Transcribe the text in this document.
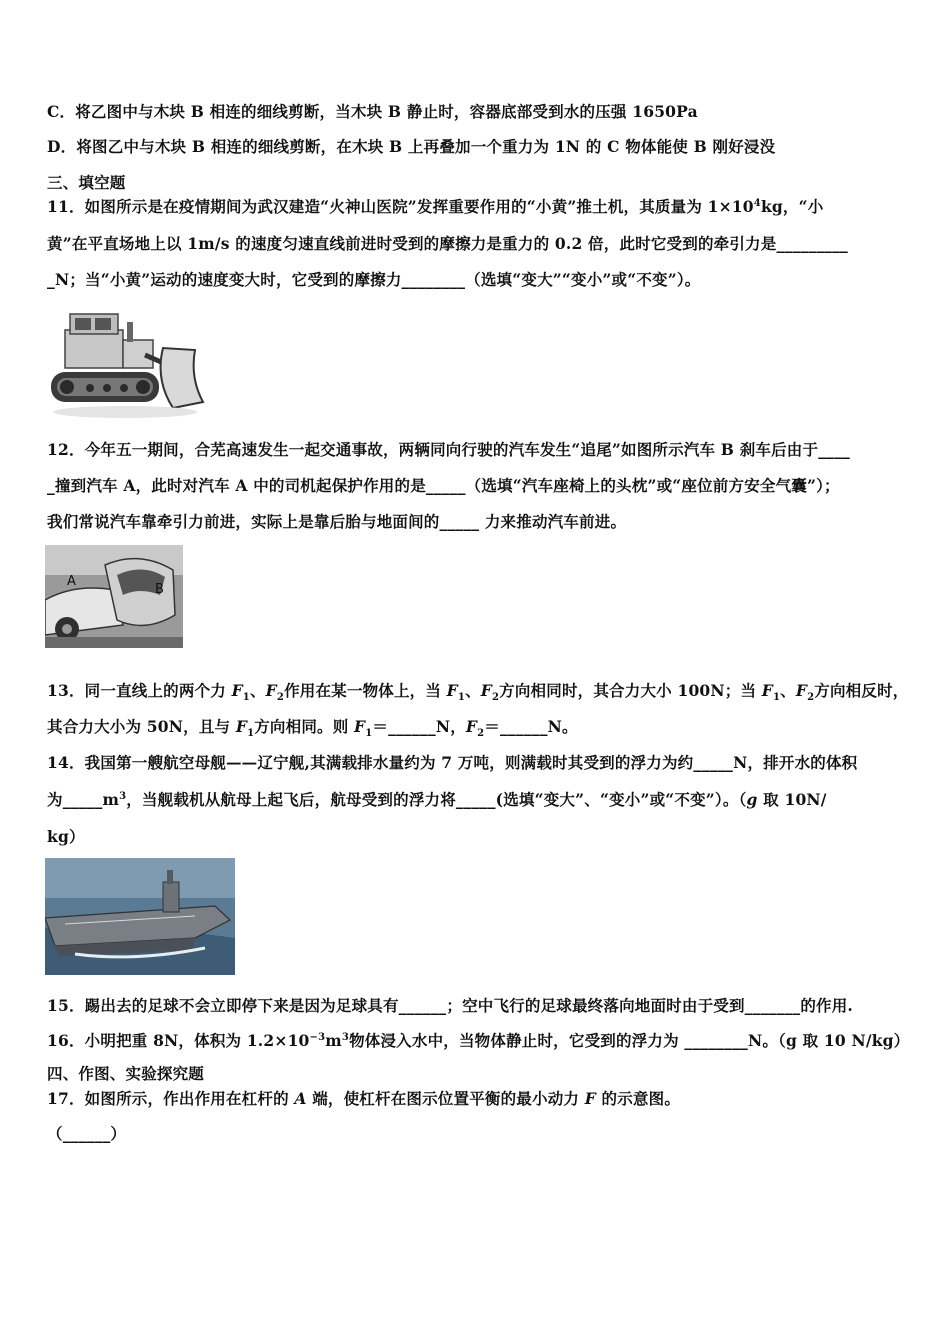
C．将乙图中与木块 B 相连的细线剪断，当木块 B 静止时，容器底部受到水的压强 1650Pa
D．将图乙中与木块 B 相连的细线剪断，在木块 B 上再叠加一个重力为 1N 的 C 物体能使 B 刚好浸没
三、填空题
11．如图所示是在疫情期间为武汉建造“火神山医院”发挥重要作用的“小黄”推土机，其质量为 $1\times 10^4kg$，“小
黄”在平直场地上以 1m/s 的速度匀速直线前进时受到的摩擦力是重力的 0.2 倍，此时它受到的牵引力是_________
_N；当“小黄”运动的速度变大时，它受到的摩擦力________（选填“变大”“变小”或“不变”）。
12．今年五一期间，合芜高速发生一起交通事故，两辆同向行驶的汽车发生“追尾”如图所示汽车 B 刹车后由于____
_撞到汽车 A，此时对汽车 A 中的司机起保护作用的是_____（选填“汽车座椅上的头枕”或“座位前方安全气囊”）；
我们常说汽车靠牵引力前进，实际上是靠后胎与地面间的_____ 力来推动汽车前进。
A
B
13．同一直线上的两个力 $F_1$、$F_2$作用在某一物体上，当 $F_1$、$F_2$方向相同时，其合力大小 100N；当 $F_1$、$F_2$方向相反时，
其合力大小为 50N，且与 $F_1$方向相同。则 $F_1=\_\_\_\_\_\_N$，$F_2=\_\_\_\_\_\_N$。
14．我国第一艘航空母舰——辽宁舰,其满载排水量约为 7 万吨，则满载时其受到的浮力为约_____N，排开水的体积
为$\_\_\_\_\_m^3$，当舰载机从航母上起飞后，航母受到的浮力将_____(选填“变大”、“变小”或“不变”）。（g 取 10N/
kg）
15．踢出去的足球不会立即停下来是因为足球具有______；空中飞行的足球最终落向地面时由于受到_______的作用.
16．小明把重 8N，体积为 $1.2\times 10^{-3}m^3$物体浸入水中，当物体静止时，它受到的浮力为 ________N。（g 取 10 N/kg）
四、作图、实验探究题
17．如图所示，作出作用在杠杆的 A 端，使杠杆在图示位置平衡的最小动力 F 的示意图。
（______）
